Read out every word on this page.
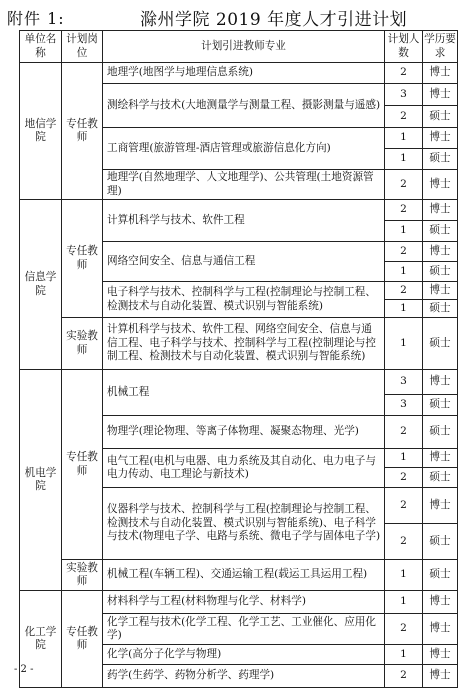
附件 1:	滁州学院 2019 年度人才引进计划
单位名称	计划岗位	计划引进教师专业	计划人数	学历要求
地信学院	专任教师	地理学(地图学与地理信息系统)	2	博士
		测绘科学与技术(大地测量学与测量工程、摄影测量与遥感)	3	博士
			2	硕士
		工商管理(旅游管理-酒店管理或旅游信息化方向)	1	博士
			1	硕士
		地理学(自然地理学、人文地理学)、公共管理(土地资源管理)	2	博士
信息学院	专任教师	计算机科学与技术、软件工程	2	博士
			1	硕士
		网络空间安全、信息与通信工程	2	博士
			1	硕士
		电子科学与技术、控制科学与工程(控制理论与控制工程、检测技术与自动化装置、模式识别与智能系统)	2	博士
			1	硕士
	实验教师	计算机科学与技术、软件工程、网络空间安全、信息与通信工程、电子科学与技术、控制科学与工程(控制理论与控制工程、检测技术与自动化装置、模式识别与智能系统)	1	硕士
机电学院	专任教师	机械工程	3	博士
			3	硕士
		物理学(理论物理、等离子体物理、凝聚态物理、光学)	2	硕士
		电气工程(电机与电器、电力系统及其自动化、电力电子与电力传动、电工理论与新技术)	1	博士
			2	硕士
		仪器科学与技术、控制科学与工程(控制理论与控制工程、检测技术与自动化装置、模式识别与智能系统)、电子科学与技术(物理电子学、电路与系统、微电子学与固体电子学)	2	博士
			2	硕士
	实验教师	机械工程(车辆工程)、交通运输工程(载运工具运用工程)	1	硕士
化工学院	专任教师	材料科学与工程(材料物理与化学、材料学)	1	博士
		化学工程与技术(化学工程、化学工艺、工业催化、应用化学)	2	博士
		化学(高分子化学与物理)	1	博士
		药学(生药学、药物分析学、药理学)	2	博士
- 2 -
